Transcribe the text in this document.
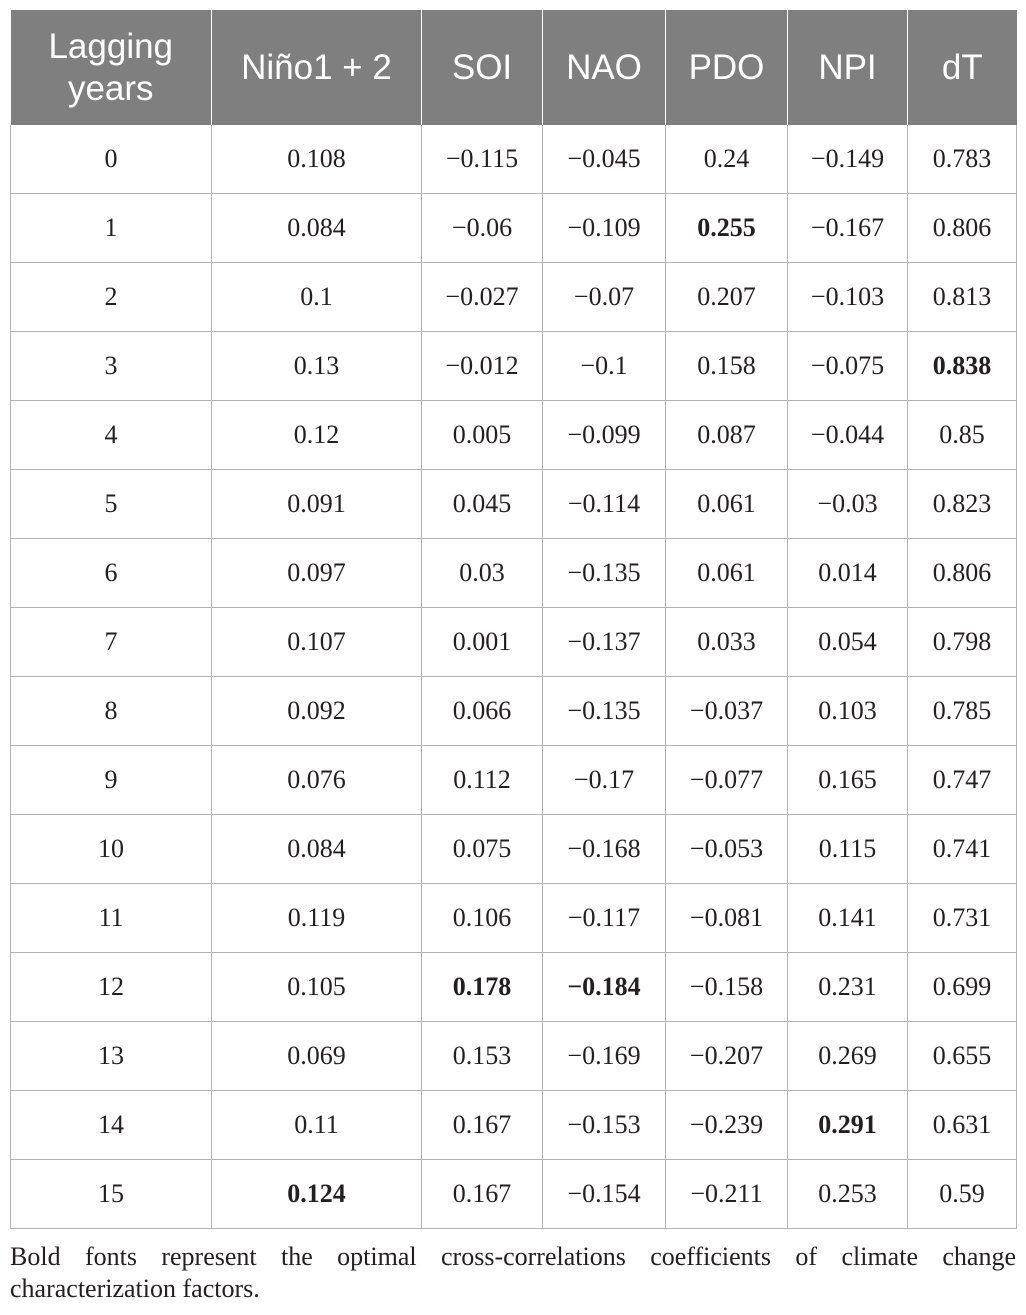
Lagging
years	Niño1 + 2	SOI	NAO	PDO	NPI	dT
0	0.108	−0.115	−0.045	0.24	−0.149	0.783
1	0.084	−0.06	−0.109	0.255	−0.167	0.806
2	0.1	−0.027	−0.07	0.207	−0.103	0.813
3	0.13	−0.012	−0.1	0.158	−0.075	0.838
4	0.12	0.005	−0.099	0.087	−0.044	0.85
5	0.091	0.045	−0.114	0.061	−0.03	0.823
6	0.097	0.03	−0.135	0.061	0.014	0.806
7	0.107	0.001	−0.137	0.033	0.054	0.798
8	0.092	0.066	−0.135	−0.037	0.103	0.785
9	0.076	0.112	−0.17	−0.077	0.165	0.747
10	0.084	0.075	−0.168	−0.053	0.115	0.741
11	0.119	0.106	−0.117	−0.081	0.141	0.731
12	0.105	0.178	−0.184	−0.158	0.231	0.699
13	0.069	0.153	−0.169	−0.207	0.269	0.655
14	0.11	0.167	−0.153	−0.239	0.291	0.631
15	0.124	0.167	−0.154	−0.211	0.253	0.59
Bold fonts represent the optimal cross-correlations coefficients of climate change characterization factors.
